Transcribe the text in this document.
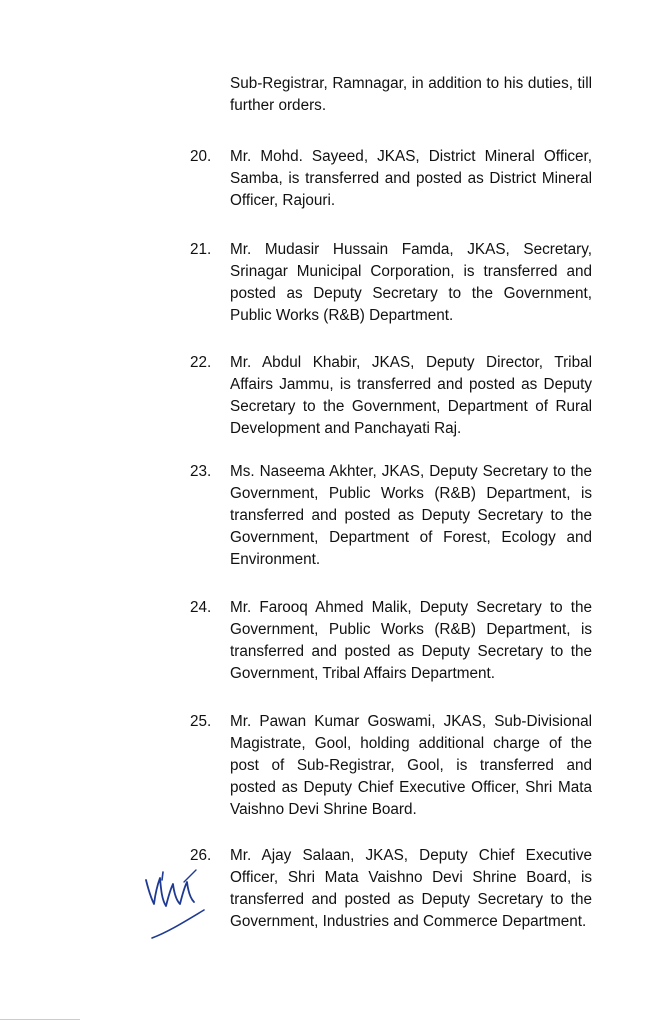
Sub-Registrar, Ramnagar, in addition to his duties, till further orders.
20.	Mr. Mohd. Sayeed, JKAS, District Mineral Officer, Samba, is transferred and posted as District Mineral Officer, Rajouri.
21.	Mr. Mudasir Hussain Famda, JKAS, Secretary, Srinagar Municipal Corporation, is transferred and posted as Deputy Secretary to the Government, Public Works (R&B) Department.
22.	Mr. Abdul Khabir, JKAS, Deputy Director, Tribal Affairs Jammu, is transferred and posted as Deputy Secretary to the Government, Department of Rural Development and Panchayati Raj.
23.	Ms. Naseema Akhter, JKAS, Deputy Secretary to the Government, Public Works (R&B) Department, is transferred and posted as Deputy Secretary to the Government, Department of Forest, Ecology and Environment.
24.	Mr. Farooq Ahmed Malik, Deputy Secretary to the Government, Public Works (R&B) Department, is transferred and posted as Deputy Secretary to the Government, Tribal Affairs Department.
25.	Mr. Pawan Kumar Goswami, JKAS, Sub-Divisional Magistrate, Gool, holding additional charge of the post of Sub-Registrar, Gool, is transferred and posted as Deputy Chief Executive Officer, Shri Mata Vaishno Devi Shrine Board.
26.	Mr. Ajay Salaan, JKAS, Deputy Chief Executive Officer, Shri Mata Vaishno Devi Shrine Board, is transferred and posted as Deputy Secretary to the Government, Industries and Commerce Department.
